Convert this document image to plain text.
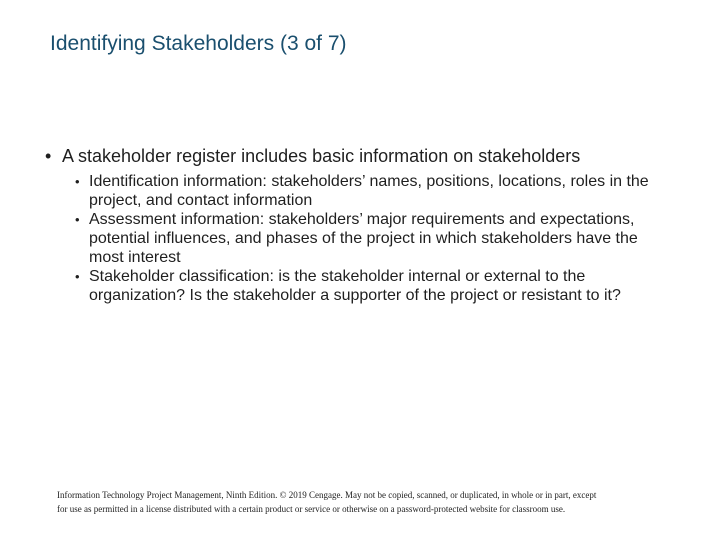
Identifying Stakeholders (3 of 7)
• A stakeholder register includes basic information on stakeholders
• Identification information: stakeholders’ names, positions, locations, roles in the project, and contact information
• Assessment information: stakeholders’ major requirements and expectations, potential influences, and phases of the project in which stakeholders have the most interest
• Stakeholder classification: is the stakeholder internal or external to the organization? Is the stakeholder a supporter of the project or resistant to it?
Information Technology Project Management, Ninth Edition. © 2019 Cengage. May not be copied, scanned, or duplicated, in whole or in part, except
for use as permitted in a license distributed with a certain product or service or otherwise on a password-protected website for classroom use.
